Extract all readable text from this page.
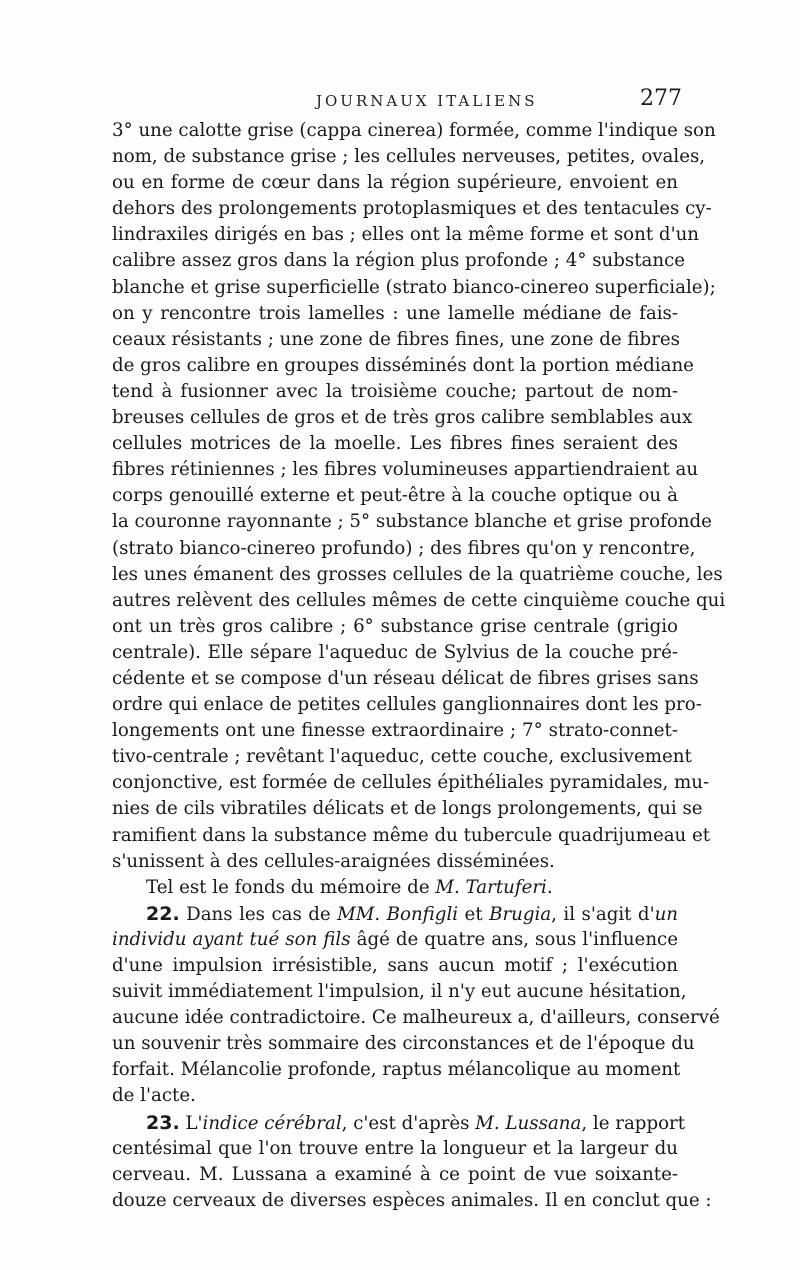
JOURNAUX ITALIENS	277
3° une calotte grise (cappa cinerea) formée, comme l'indique son
nom, de substance grise ; les cellules nerveuses, petites, ovales,
ou en forme de cœur dans la région supérieure, envoient en
dehors des prolongements protoplasmiques et des tentacules cy-
lindraxiles dirigés en bas ; elles ont la même forme et sont d'un
calibre assez gros dans la région plus profonde ; 4° substance
blanche et grise superficielle (strato bianco-cinereo superficiale);
on y rencontre trois lamelles : une lamelle médiane de fais-
ceaux résistants ; une zone de fibres fines, une zone de fibres
de gros calibre en groupes disséminés dont la portion médiane
tend à fusionner avec la troisième couche; partout de nom-
breuses cellules de gros et de très gros calibre semblables aux
cellules motrices de la moelle. Les fibres fines seraient des
fibres rétiniennes ; les fibres volumineuses appartiendraient au
corps genouillé externe et peut-être à la couche optique ou à
la couronne rayonnante ; 5° substance blanche et grise profonde
(strato bianco-cinereo profundo) ; des fibres qu'on y rencontre,
les unes émanent des grosses cellules de la quatrième couche, les
autres relèvent des cellules mêmes de cette cinquième couche qui
ont un très gros calibre ; 6° substance grise centrale (grigio
centrale). Elle sépare l'aqueduc de Sylvius de la couche pré-
cédente et se compose d'un réseau délicat de fibres grises sans
ordre qui enlace de petites cellules ganglionnaires dont les pro-
longements ont une finesse extraordinaire ; 7° strato-connet-
tivo-centrale ; revêtant l'aqueduc, cette couche, exclusivement
conjonctive, est formée de cellules épithéliales pyramidales, mu-
nies de cils vibratiles délicats et de longs prolongements, qui se
ramifient dans la substance même du tubercule quadrijumeau et
s'unissent à des cellules-araignées disséminées.
Tel est le fonds du mémoire de M. Tartuferi.
22. Dans les cas de MM. Bonfigli et Brugia, il s'agit d'un
individu ayant tué son fils âgé de quatre ans, sous l'influence
d'une impulsion irrésistible, sans aucun motif ; l'exécution
suivit immédiatement l'impulsion, il n'y eut aucune hésitation,
aucune idée contradictoire. Ce malheureux a, d'ailleurs, conservé
un souvenir très sommaire des circonstances et de l'époque du
forfait. Mélancolie profonde, raptus mélancolique au moment
de l'acte.
23. L'indice cérébral, c'est d'après M. Lussana, le rapport
centésimal que l'on trouve entre la longueur et la largeur du
cerveau. M. Lussana a examiné à ce point de vue soixante-
douze cerveaux de diverses espèces animales. Il en conclut que :
